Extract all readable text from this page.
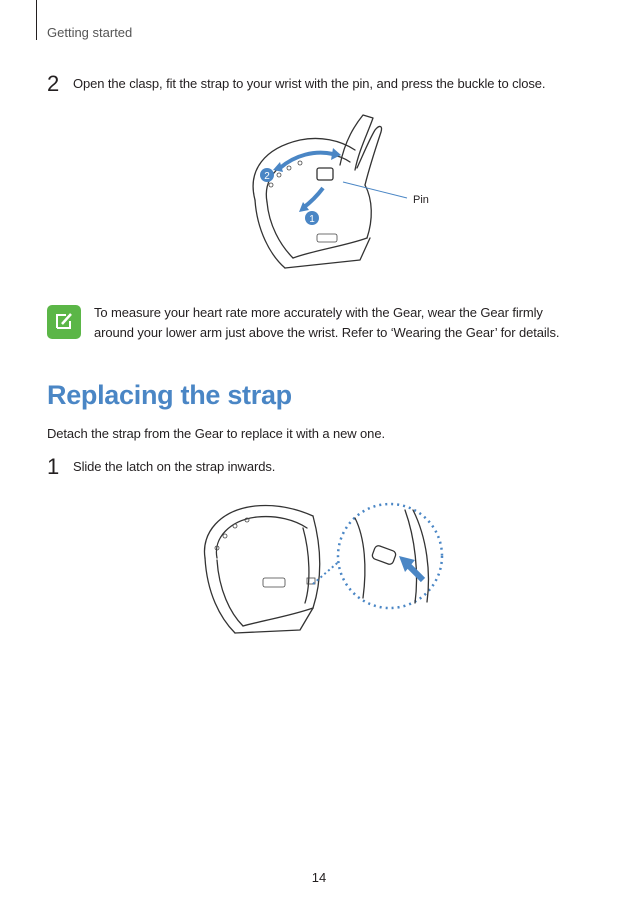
Getting started
2	Open the clasp, fit the strap to your wrist with the pin, and press the buckle to close.
2
1
Pin
To measure your heart rate more accurately with the Gear, wear the Gear firmly around your lower arm just above the wrist. Refer to ‘Wearing the Gear’ for details.
Replacing the strap
Detach the strap from the Gear to replace it with a new one.
1	Slide the latch on the strap inwards.
14
